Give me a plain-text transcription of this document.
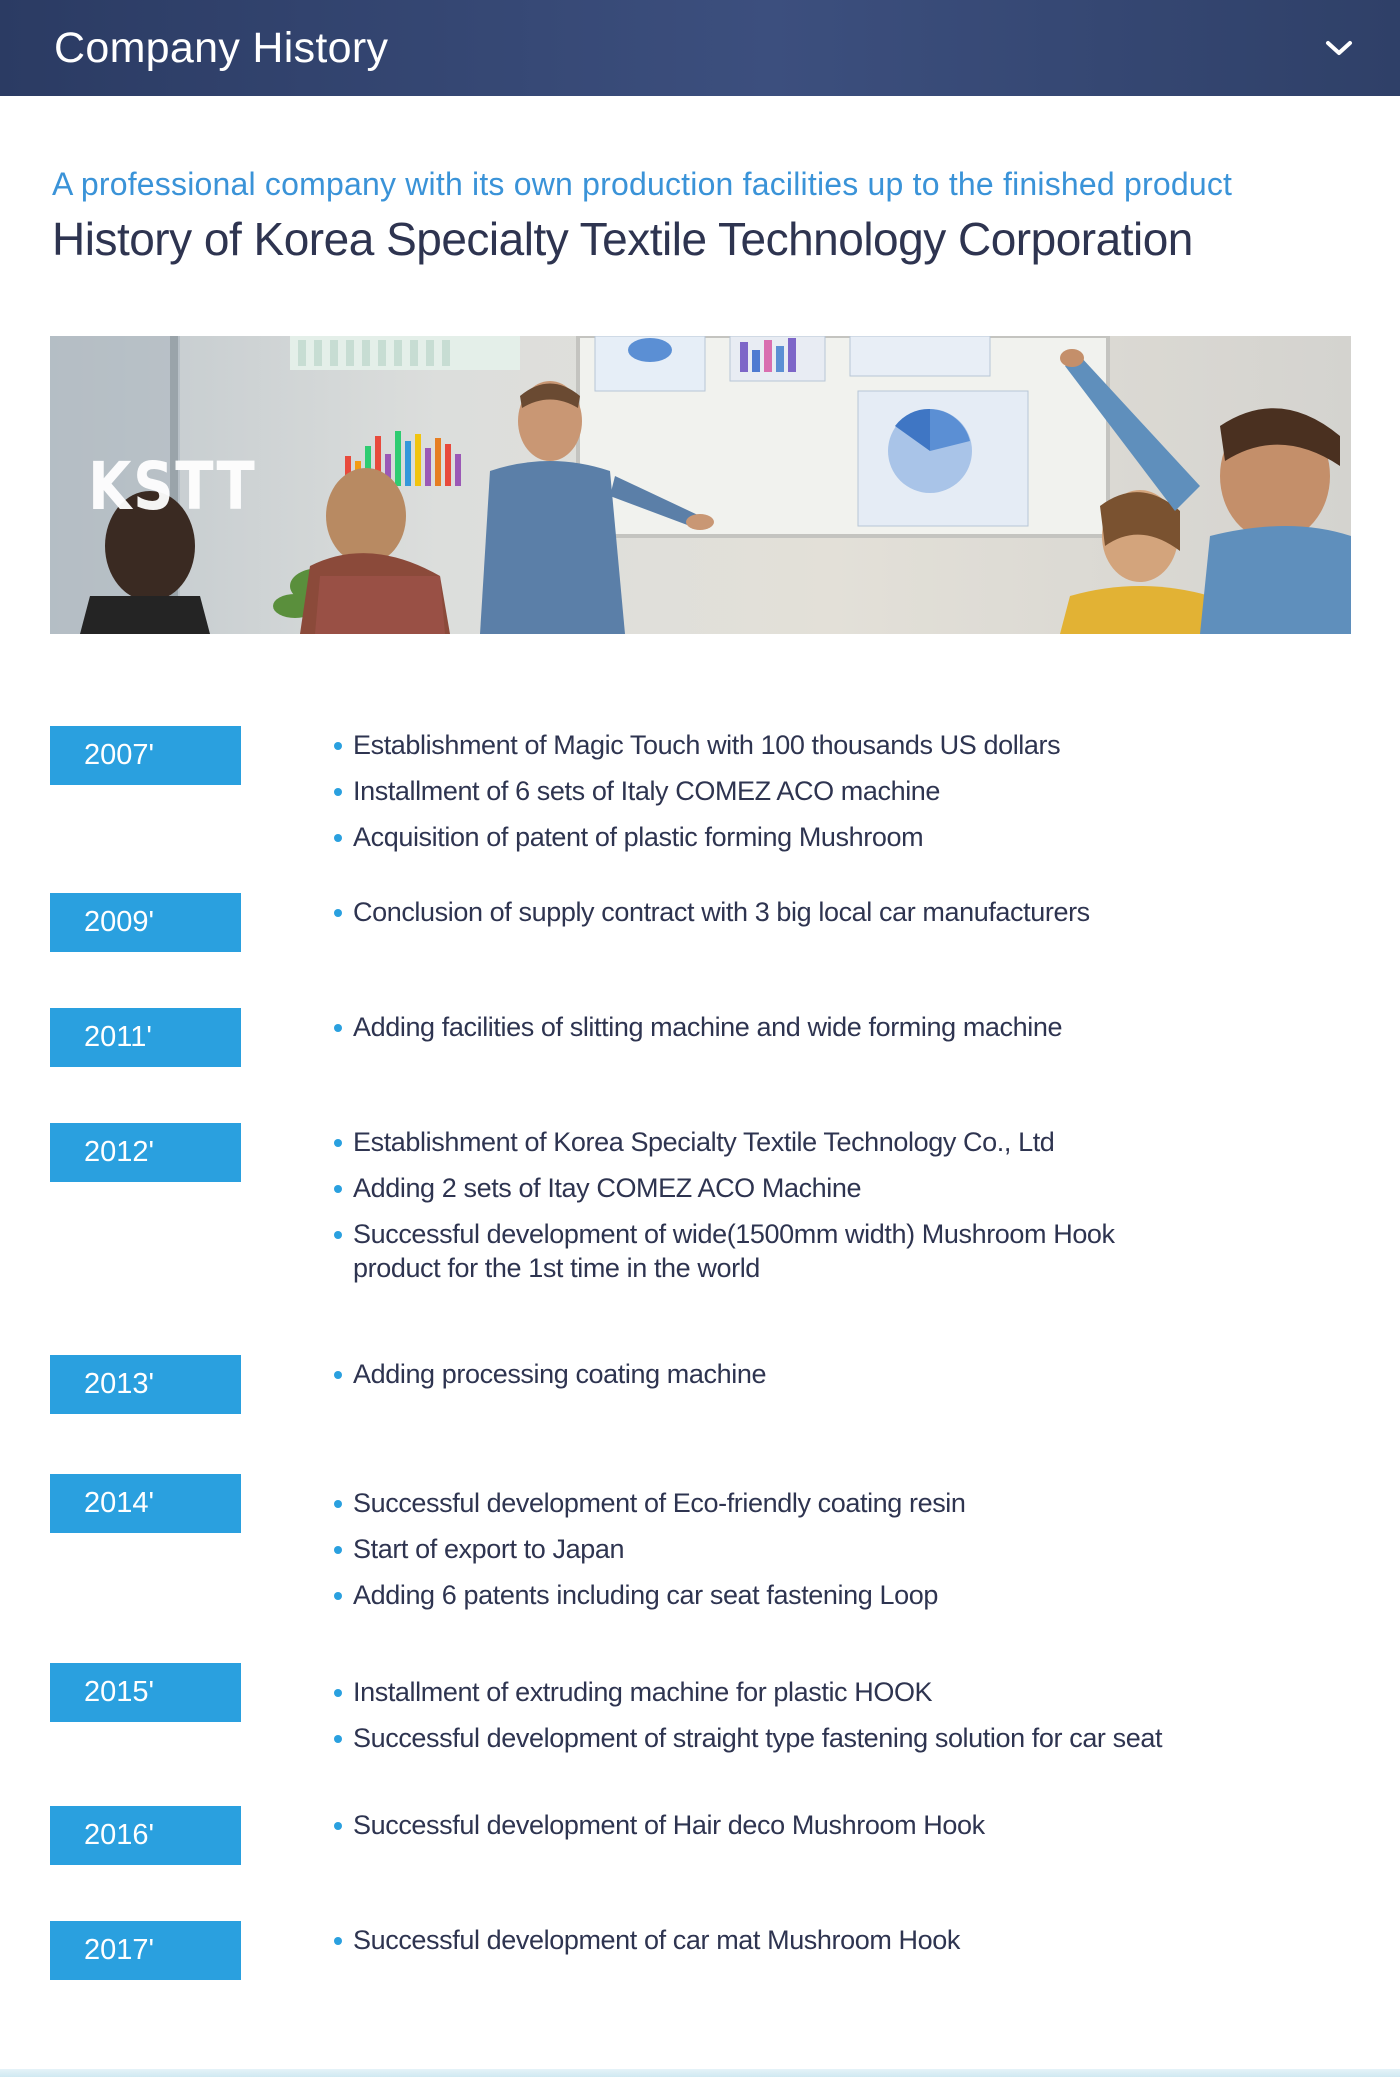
Company History
A professional company with its own production facilities up to the finished product
History of Korea Specialty Textile Technology Corporation
KSTT
2007'	Establishment of Magic Touch with 100 thousands US dollars
Installment of 6 sets of Italy COMEZ ACO machine
Acquisition of patent of plastic forming Mushroom
2009'	Conclusion of supply contract with 3 big local car manufacturers
2011'	Adding facilities of slitting machine and wide forming machine
2012'	Establishment of Korea Specialty Textile Technology Co., Ltd
Adding 2 sets of Itay COMEZ ACO Machine
Successful development of wide(1500mm width) Mushroom Hook product for the 1st time in the world
2013'	Adding processing coating machine
2014'	Successful development of Eco-friendly coating resin
Start of export to Japan
Adding 6 patents including car seat fastening Loop
2015'	Installment of extruding machine for plastic HOOK
Successful development of straight type fastening solution for car seat
2016'	Successful development of Hair deco Mushroom Hook
2017'	Successful development of car mat Mushroom Hook
